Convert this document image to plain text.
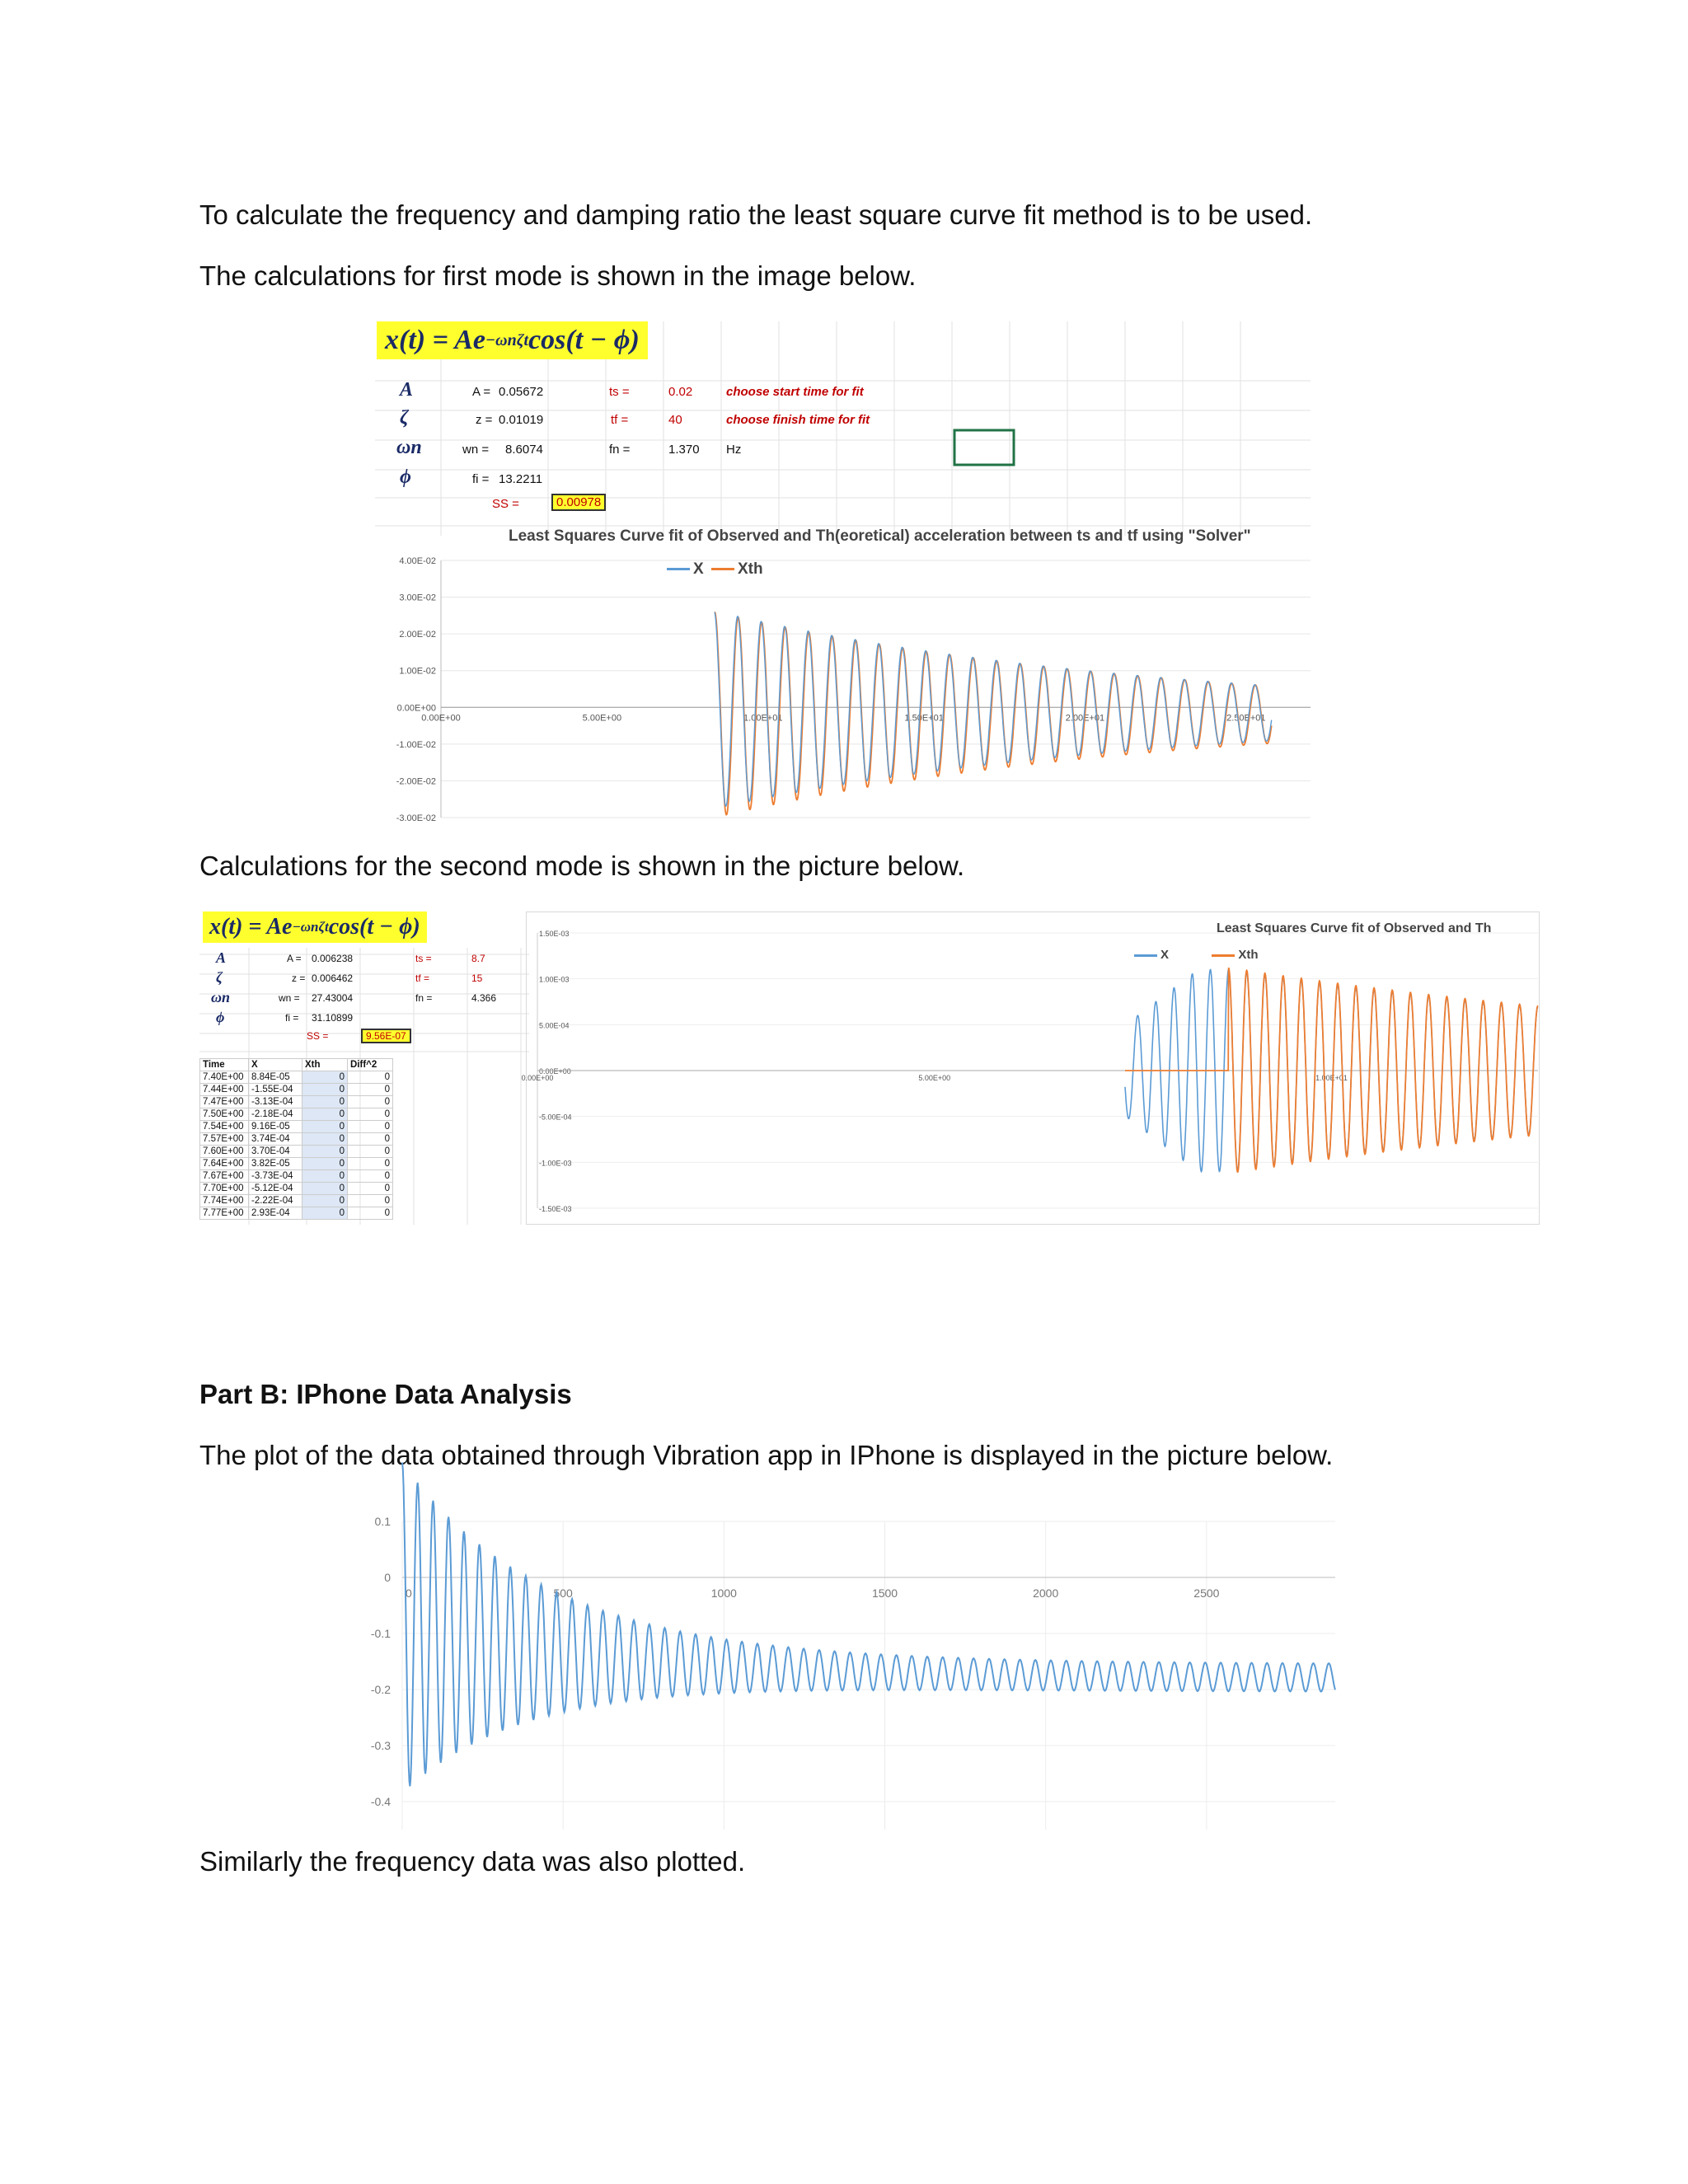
To calculate the frequency and damping ratio the least square curve fit method is to be used.
The calculations for first mode is shown in the image below.
Calculations for the second mode is shown in the picture below.
Part B: IPhone Data Analysis
The plot of the data obtained through Vibration app in IPhone is displayed in the picture below.
Similarly the frequency data was also plotted.
x(t) = Ae −ωnζt cos(t − ϕ)
A
ζ
ωn
ϕ
A = 0.05672
z = 0.01019
wn = 8.6074
fi = 13.2211
SS =	0.00978
ts =	0.02	choose start time for fit
tf =	40	choose finish time for fit
fn =	1.370 Hz
Least Squares Curve fit of Observed and Th(eoretical) acceleration between ts and tf using "Solver"
X Xth
4.00E-02
3.00E-02
2.00E-02
1.00E-02
0.00E+00
-1.00E-02
-2.00E-02
-3.00E-02
0.00E+00	5.00E+00	1.00E+01	1.50E+01	2.00E+01	2.50E+01
x(t) = Ae −ωnζt cos(t − ϕ)
A
ζ
ωn
ϕ
A = 0.006238
z = 0.006462
wn = 27.43004
fi = 31.10899
SS =	9.56E-07
ts =	8.7
tf =	15
fn =	4.366
Time	X	Xth	Diff^2
7.40E+00	8.84E-05	0	0
7.44E+00	-1.55E-04	0	0
7.47E+00	-3.13E-04	0	0
7.50E+00	-2.18E-04	0	0
7.54E+00	9.16E-05	0	0
7.57E+00	3.74E-04	0	0
7.60E+00	3.70E-04	0	0
7.64E+00	3.82E-05	0	0
7.67E+00	-3.73E-04	0	0
7.70E+00	-5.12E-04	0	0
7.74E+00	-2.22E-04	0	0
7.77E+00	2.93E-04	0	0
Least Squares Curve fit of Observed and Th
X	Xth
1.50E-03
1.00E-03
5.00E-04
0.00E+00
-5.00E-04
-1.00E-03
-1.50E-03
0.00E+00	5.00E+00	1.00E+01
0.1
0
-0.1
-0.2
-0.3
-0.4
0	500	1000	1500	2000	2500
